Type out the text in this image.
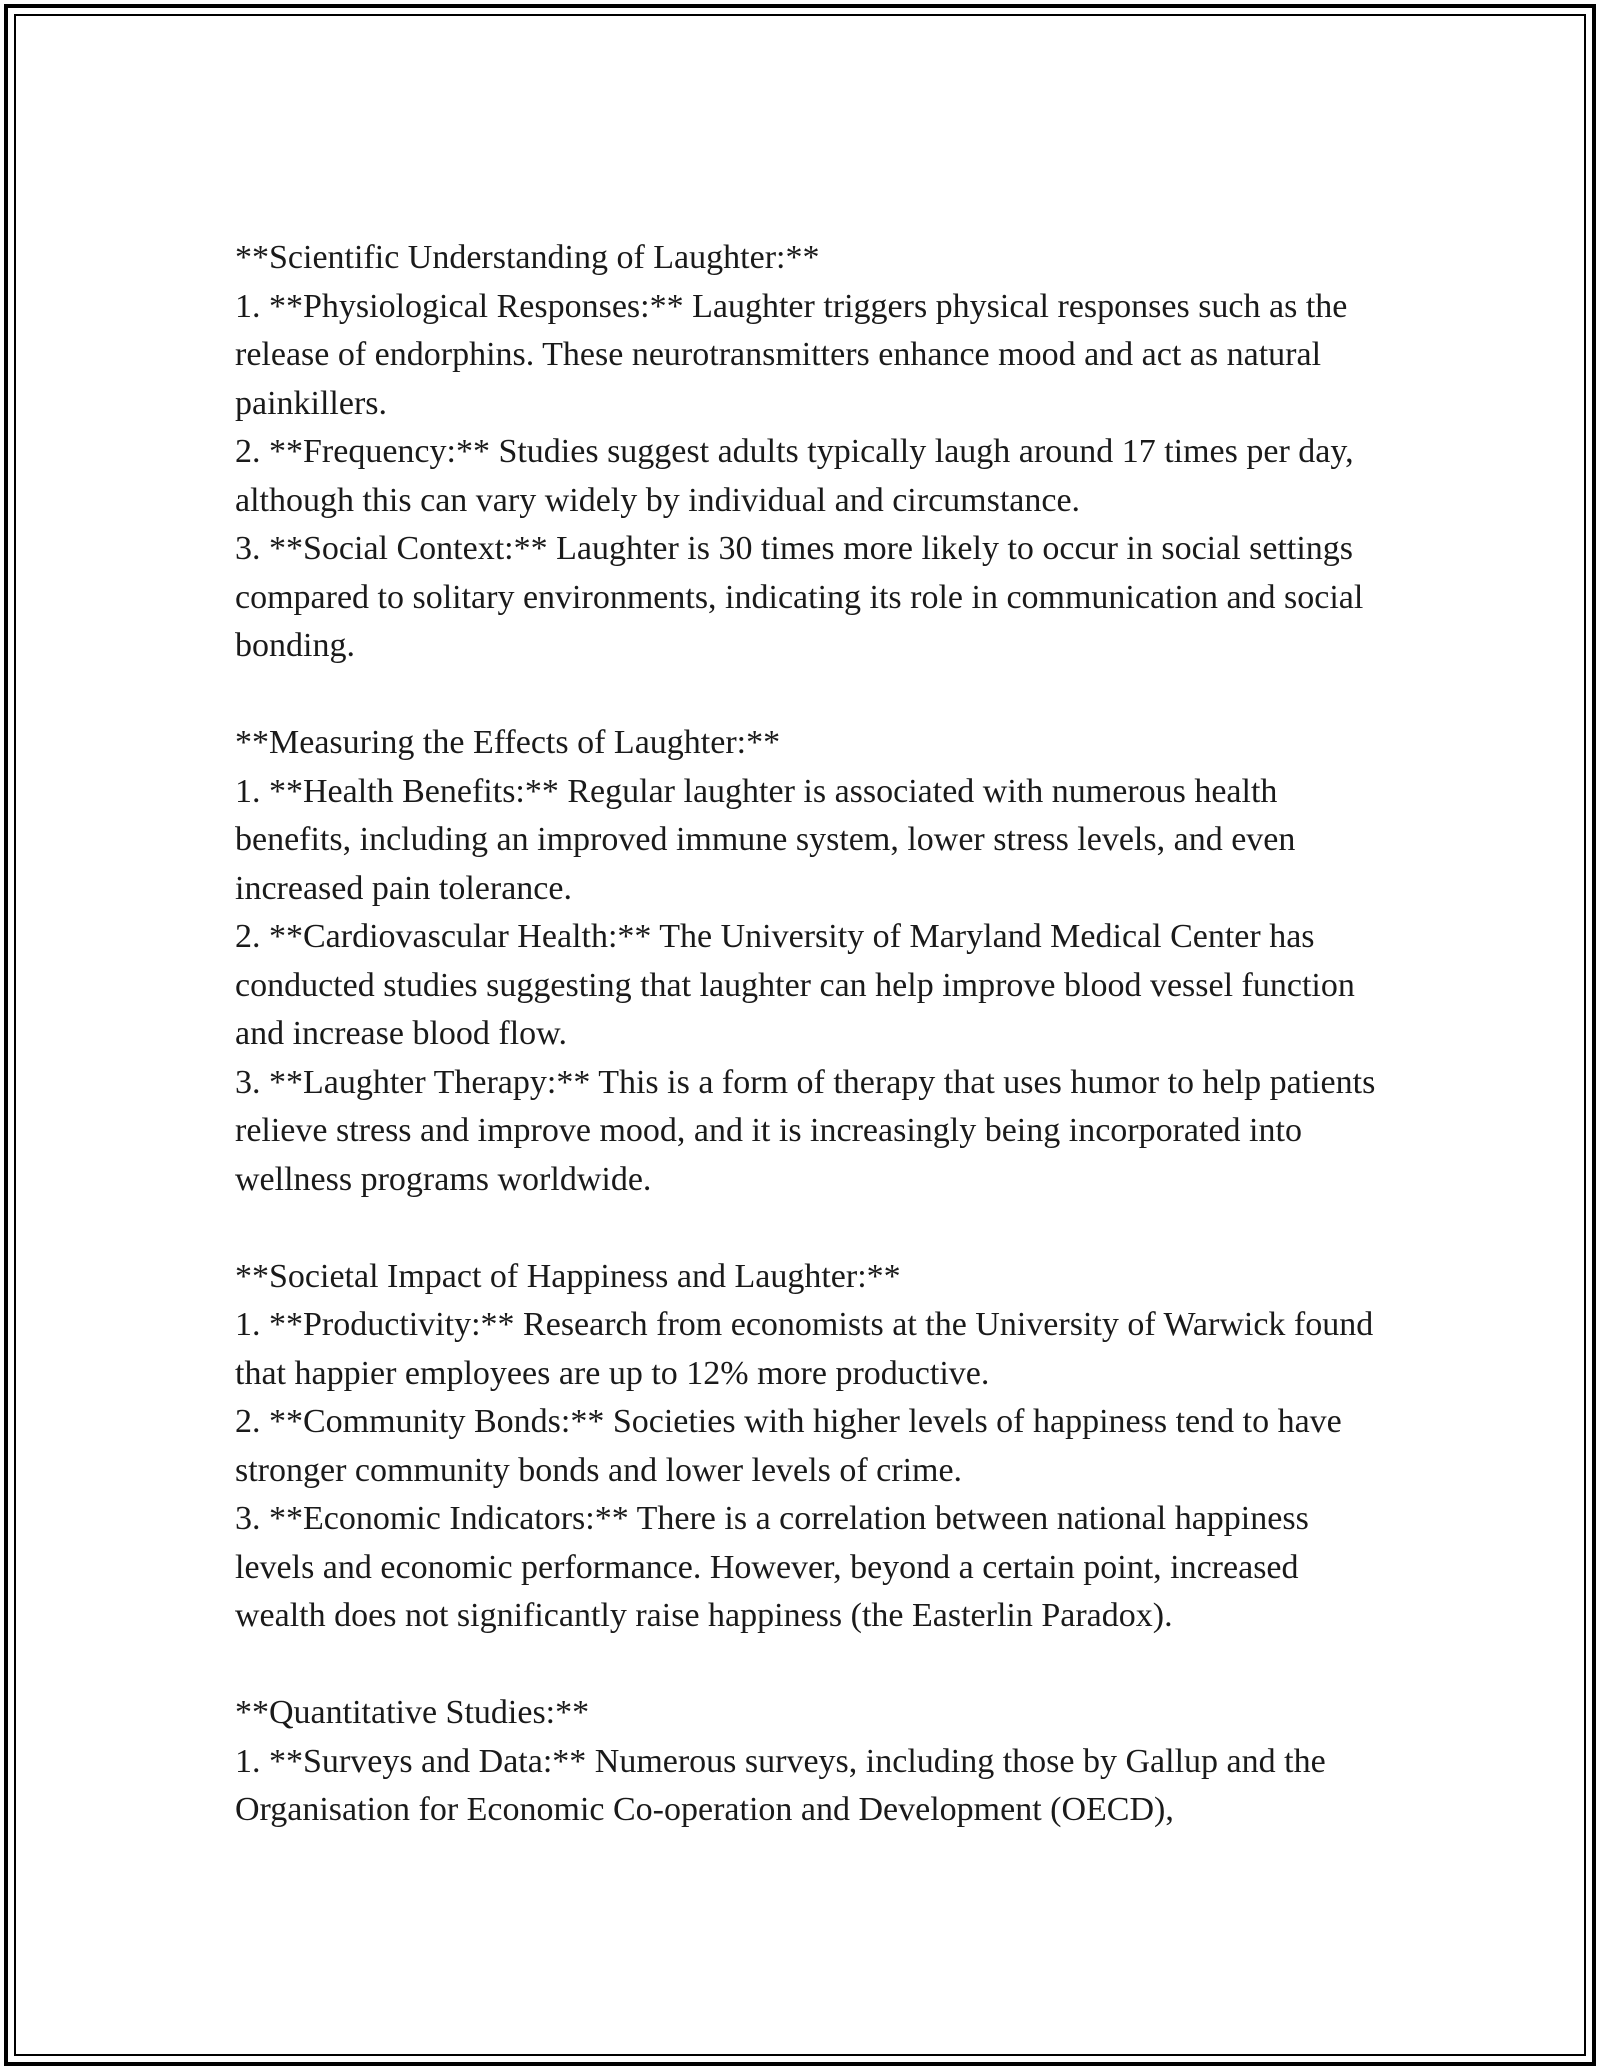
**Scientific Understanding of Laughter:**

1. **Physiological Responses:** Laughter triggers physical responses such as the release of endorphins. These neurotransmitters enhance mood and act as natural painkillers.

2. **Frequency:** Studies suggest adults typically laugh around 17 times per day, although this can vary widely by individual and circumstance.

3. **Social Context:** Laughter is 30 times more likely to occur in social settings compared to solitary environments, indicating its role in communication and social bonding.

**Measuring the Effects of Laughter:**

1. **Health Benefits:** Regular laughter is associated with numerous health benefits, including an improved immune system, lower stress levels, and even increased pain tolerance.

2. **Cardiovascular Health:** The University of Maryland Medical Center has conducted studies suggesting that laughter can help improve blood vessel function and increase blood flow.

3. **Laughter Therapy:** This is a form of therapy that uses humor to help patients relieve stress and improve mood, and it is increasingly being incorporated into wellness programs worldwide.

**Societal Impact of Happiness and Laughter:**

1. **Productivity:** Research from economists at the University of Warwick found that happier employees are up to 12% more productive.

2. **Community Bonds:** Societies with higher levels of happiness tend to have stronger community bonds and lower levels of crime.

3. **Economic Indicators:** There is a correlation between national happiness levels and economic performance. However, beyond a certain point, increased wealth does not significantly raise happiness (the Easterlin Paradox).

**Quantitative Studies:**

1. **Surveys and Data:** Numerous surveys, including those by Gallup and the Organisation for Economic Co-operation and Development (OECD),
